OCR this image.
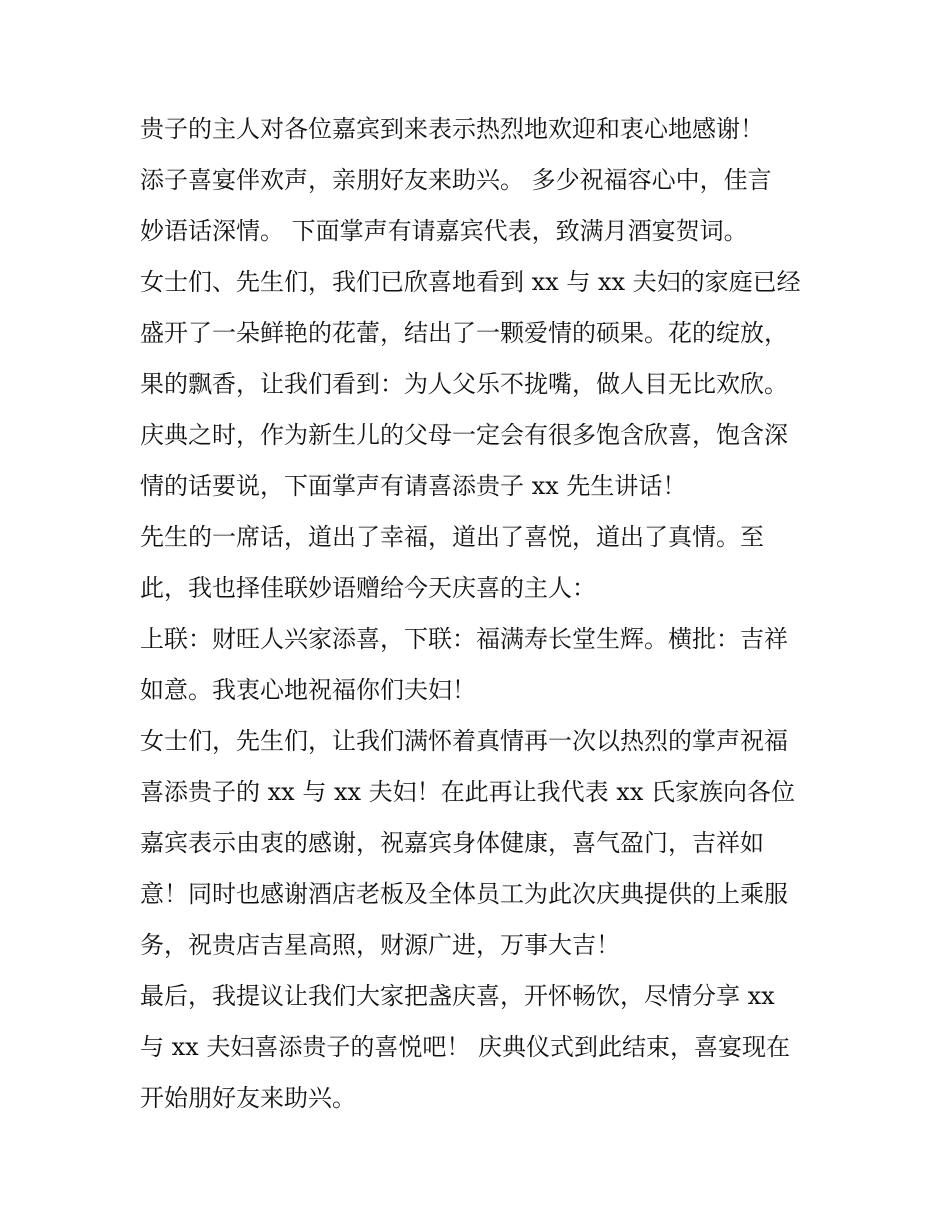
贵子的主人对各位嘉宾到来表示热烈地欢迎和衷心地感谢！
添子喜宴伴欢声，亲朋好友来助兴。 多少祝福容心中，佳言
妙语话深情。 下面掌声有请嘉宾代表，致满月酒宴贺词。
女士们、先生们，我们已欣喜地看到 xx 与 xx 夫妇的家庭已经
盛开了一朵鲜艳的花蕾，结出了一颗爱情的硕果。花的绽放，
果的飘香，让我们看到：为人父乐不拢嘴，做人目无比欢欣。
庆典之时，作为新生儿的父母一定会有很多饱含欣喜，饱含深
情的话要说，下面掌声有请喜添贵子 xx 先生讲话！
先生的一席话，道出了幸福，道出了喜悦，道出了真情。至
此，我也择佳联妙语赠给今天庆喜的主人：
上联：财旺人兴家添喜，下联：福满寿长堂生辉。横批：吉祥
如意。我衷心地祝福你们夫妇！
女士们，先生们，让我们满怀着真情再一次以热烈的掌声祝福
喜添贵子的 xx 与 xx 夫妇！在此再让我代表 xx 氏家族向各位
嘉宾表示由衷的感谢，祝嘉宾身体健康，喜气盈门，吉祥如
意！同时也感谢酒店老板及全体员工为此次庆典提供的上乘服
务，祝贵店吉星高照，财源广进，万事大吉！
最后，我提议让我们大家把盏庆喜，开怀畅饮，尽情分享 xx
与 xx 夫妇喜添贵子的喜悦吧！ 庆典仪式到此结束，喜宴现在
开始朋好友来助兴。
